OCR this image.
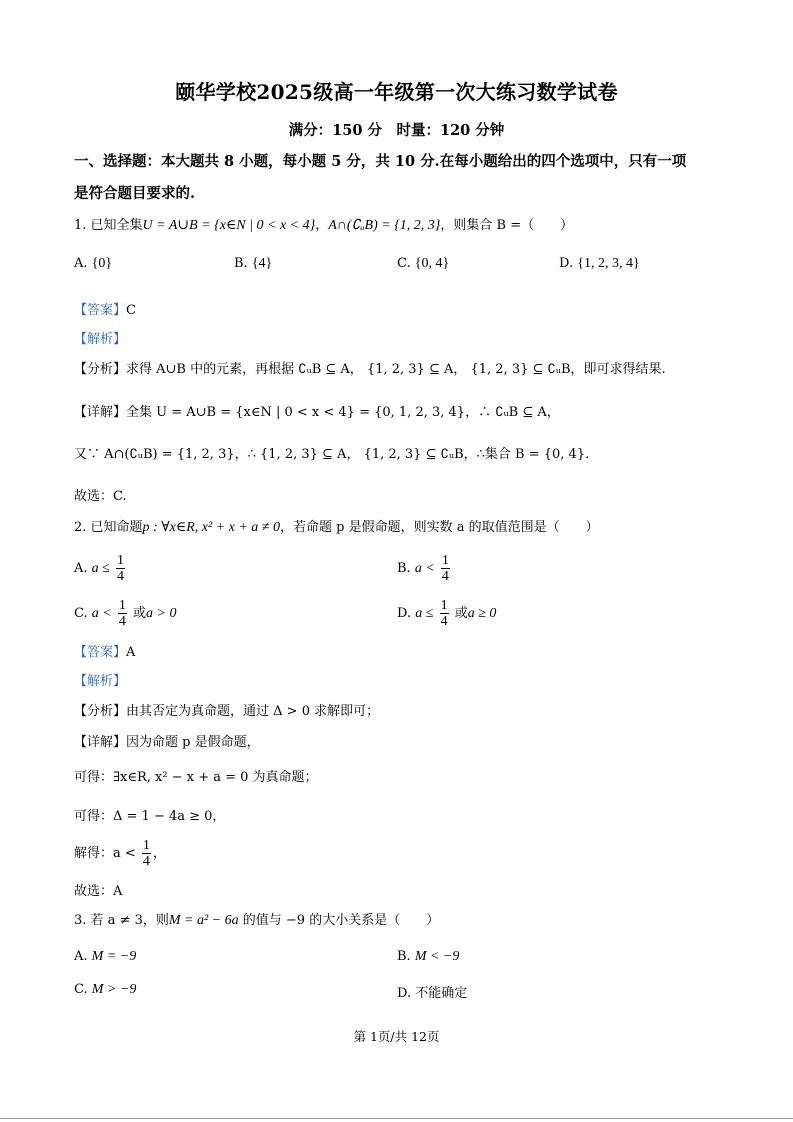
颐华学校2025级高一年级第一次大练习数学试卷
满分：150 分　时量：120 分钟
一、选择题：本大题共 8 小题，每小题 5 分，共 10 分.在每小题给出的四个选项中，只有一项
是符合题目要求的.
1. 已知全集U = A∪B = {x∈N | 0 < x < 4}，A∩(∁ᵤB) = {1, 2, 3}，则集合 B =（　　）
A. {0}	B. {4}	C. {0, 4}	D. {1, 2, 3, 4}
【答案】C
【解析】
【分析】求得 A∪B 中的元素，再根据 ∁ᵤB ⊆ A， {1, 2, 3} ⊆ A， {1, 2, 3} ⊆ ∁ᵤB，即可求得结果.
【详解】全集 U = A∪B = {x∈N | 0 < x < 4} = {0, 1, 2, 3, 4}，∴ ∁ᵤB ⊆ A，
又∵ A∩(∁ᵤB) = {1, 2, 3}，∴ {1, 2, 3} ⊆ A， {1, 2, 3} ⊆ ∁ᵤB，∴集合 B = {0, 4}.
故选：C.
2. 已知命题p : ∀x∈R, x² + x + a ≠ 0，若命题 p 是假命题，则实数 a 的取值范围是（　　）
A. $a \le \frac{1}{4}$	B. $a < \frac{1}{4}$
C. $a < \frac{1}{4}$ 或a > 0	D. $a \le \frac{1}{4}$ 或a ≥ 0
【答案】A
【解析】
【分析】由其否定为真命题，通过 Δ > 0 求解即可；
【详解】因为命题 p 是假命题，
可得：∃x∈R, x² − x + a = 0 为真命题；
可得：Δ = 1 − 4a ≥ 0，
解得：$a < \frac{1}{4}$ ，
故选：A
3. 若 a ≠ 3，则M = a² − 6a 的值与 −9 的大小关系是（　　）
A. M = −9	B. M < −9
C. M > −9	D. 不能确定
第 1页/共 12页
